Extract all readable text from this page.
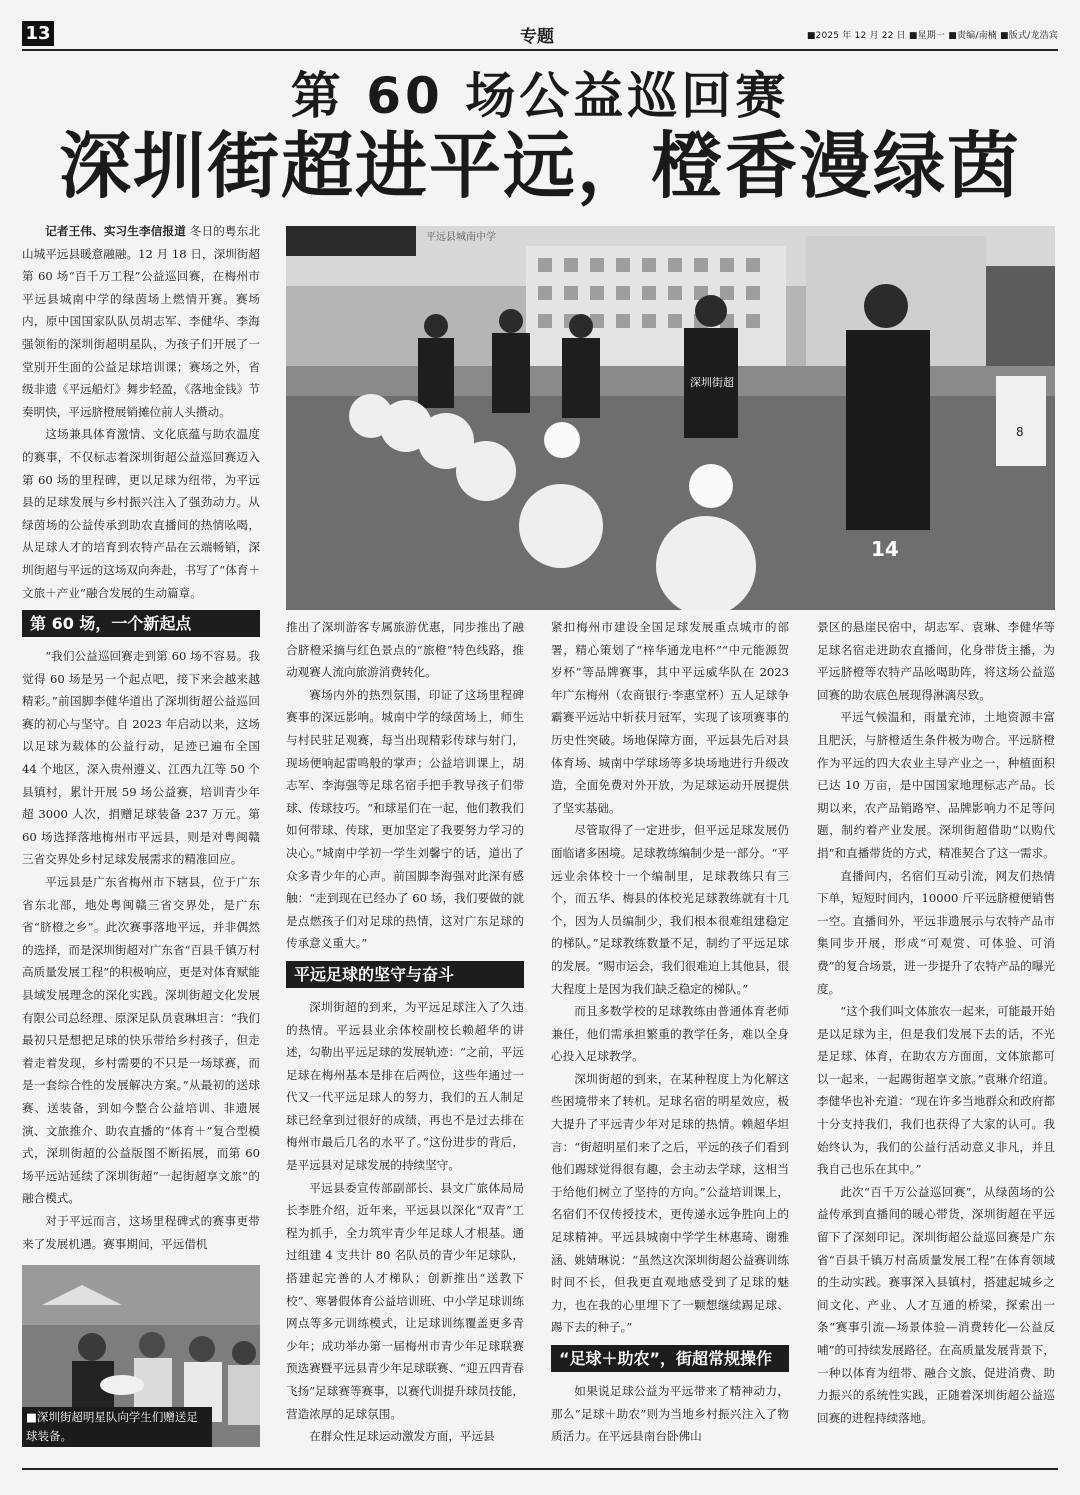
13	专题	■2025 年 12 月 22 日 ■星期一 ■责编/南楠 ■版式/龙浩宾
第 60 场公益巡回赛
深圳街超进平远，橙香漫绿茵

记者王伟、实习生李信报道 冬日的粤东北山城平远县暖意融融。12 月 18 日，深圳街超第 60 场“百千万工程”公益巡回赛，在梅州市平远县城南中学的绿茵场上燃情开赛。赛场内，原中国国家队队员胡志军、李健华、李海强领衔的深圳街超明星队，为孩子们开展了一堂别开生面的公益足球培训课；赛场之外，省级非遗《平远船灯》舞步轻盈，《落地金钱》节奏明快，平远脐橙展销摊位前人头攒动。

这场兼具体育激情、文化底蕴与助农温度的赛事，不仅标志着深圳街超公益巡回赛迈入第 60 场的里程碑，更以足球为纽带，为平远县的足球发展与乡村振兴注入了强劲动力。从绿茵场的公益传承到助农直播间的热情吆喝，从足球人才的培育到农特产品在云端畅销，深圳街超与平远的这场双向奔赴，书写了“体育＋文旅＋产业”融合发展的生动篇章。

第 60 场，一个新起点

“我们公益巡回赛走到第 60 场不容易。我觉得 60 场是另一个起点吧，接下来会越来越精彩。”前国脚李健华道出了深圳街超公益巡回赛的初心与坚守。自 2023 年启动以来，这场以足球为载体的公益行动，足迹已遍布全国 44 个地区，深入贵州遵义、江西九江等 50 个县镇村，累计开展 59 场公益赛，培训青少年超 3000 人次，捐赠足球装备 237 万元。第 60 场选择落地梅州市平远县，则是对粤闽赣三省交界处乡村足球发展需求的精准回应。

平远县是广东省梅州市下辖县，位于广东省东北部，地处粤闽赣三省交界处，是广东省“脐橙之乡”。此次赛事落地平远，并非偶然的选择，而是深圳街超对广东省“百县千镇万村高质量发展工程”的积极响应，更是对体育赋能县域发展理念的深化实践。深圳街超文化发展有限公司总经理、原深足队员袁琳坦言：“我们最初只是想把足球的快乐带给乡村孩子，但走着走着发现，乡村需要的不只是一场球赛，而是一套综合性的发展解决方案。”从最初的送球赛、送装备，到如今整合公益培训、非遗展演、文旅推介、助农直播的“体育＋”复合型模式，深圳街超的公益版图不断拓展，而第 60 场平远站延续了深圳街超“一起街超享文旅”的融合模式。

对于平远而言，这场里程碑式的赛事更带来了发展机遇。赛事期间，平远借机

■深圳街超明星队向学生们赠送足球装备。
平远县城南中学
深圳街超
14
8

推出了深圳游客专属旅游优惠，同步推出了融合脐橙采摘与红色景点的“旅橙”特色线路，推动观赛人流向旅游消费转化。

赛场内外的热烈氛围，印证了这场里程碑赛事的深远影响。城南中学的绿茵场上，师生与村民驻足观赛，每当出现精彩传球与射门，现场便响起雷鸣般的掌声；公益培训课上，胡志军、李海强等足球名宿手把手教导孩子们带球、传球技巧。“和球星们在一起，他们教我们如何带球、传球，更加坚定了我要努力学习的决心。”城南中学初一学生刘馨宁的话，道出了众多青少年的心声。前国脚李海强对此深有感触：“走到现在已经办了 60 场，我们要做的就是点燃孩子们对足球的热情，这对广东足球的传承意义重大。”

平远足球的坚守与奋斗

深圳街超的到来，为平远足球注入了久违的热情。平远县业余体校副校长赖超华的讲述，勾勒出平远足球的发展轨迹：“之前，平远足球在梅州基本是排在后两位，这些年通过一代又一代平远足球人的努力，我们的五人制足球已经拿到过很好的成绩，再也不是过去排在梅州市最后几名的水平了。”这份进步的背后，是平远县对足球发展的持续坚守。

平远县委宣传部副部长、县文广旅体局局长李胜介绍，近年来，平远县以深化“双青”工程为抓手，全力筑牢青少年足球人才根基。通过组建 4 支共计 80 名队员的青少年足球队，搭建起完善的人才梯队；创新推出“送教下校”、寒暑假体育公益培训班、中小学足球训练网点等多元训练模式，让足球训练覆盖更多青少年；成功举办第一届梅州市青少年足球联赛预选赛暨平远县青少年足球联赛、“迎五四青春飞扬”足球赛等赛事，以赛代训提升球员技能，营造浓厚的足球氛围。

在群众性足球运动激发方面，平远县

紧扣梅州市建设全国足球发展重点城市的部署，精心策划了“梓华通龙电杯”“中元能源贺岁杯”等品牌赛事，其中平远威华队在 2023 年广东梅州（农商银行·李惠堂杯）五人足球争霸赛平远站中斩获月冠军，实现了该项赛事的历史性突破。场地保障方面，平远县先后对县体育场、城南中学球场等多块场地进行升级改造，全面免费对外开放，为足球运动开展提供了坚实基础。

尽管取得了一定进步，但平远足球发展仍面临诸多困境。足球教练编制少是一部分。“平远业余体校十一个编制里，足球教练只有三个，而五华、梅县的体校光足球教练就有十几个，因为人员编制少，我们根本很难组建稳定的梯队。”足球教练数量不足，制约了平远足球的发展。“赐市运会，我们很难迫上其他县，很大程度上是因为我们缺乏稳定的梯队。”

而且多数学校的足球教练由普通体育老师兼任，他们需承担繁重的教学任务，难以全身心投入足球教学。

深圳街超的到来，在某种程度上为化解这些困境带来了转机。足球名宿的明星效应，极大提升了平远青少年对足球的热情。赖超华坦言：“街超明星们来了之后，平远的孩子们看到他们踢球觉得很有趣，会主动去学球，这相当于给他们树立了坚持的方向。”公益培训课上，名宿们不仅传授技术，更传递永远争胜向上的足球精神。平远县城南中学学生林惠琦、谢雅涵、姚婧琳说：“虽然这次深圳街超公益赛训练时间不长，但我更直观地感受到了足球的魅力，也在我的心里埋下了一颗想继续踢足球、踢下去的种子。”

“足球＋助农”，街超常规操作

如果说足球公益为平远带来了精神动力，那么“足球＋助农”则为当地乡村振兴注入了物质活力。在平远县南台卧佛山

景区的悬崖民宿中，胡志军、袁琳、李健华等足球名宿走进助农直播间，化身带货主播，为平远脐橙等农特产品吆喝助阵，将这场公益巡回赛的助农底色展现得淋漓尽致。

平远气候温和，雨量充沛，土地资源丰富且肥沃，与脐橙适生条件极为吻合。平远脐橙作为平远的四大农业主导产业之一，种植面积已达 10 万亩，是中国国家地理标志产品。长期以来，农产品销路窄、品牌影响力不足等问题，制约着产业发展。深圳街超借助“以购代捐”和直播带货的方式，精准契合了这一需求。

直播间内，名宿们互动引流，网友们热情下单，短短时间内，10000 斤平远脐橙便销售一空。直播间外，平远非遗展示与农特产品市集同步开展，形成“可观赏、可体验、可消费”的复合场景，进一步提升了农特产品的曝光度。

“这个我们叫文体旅农一起来，可能最开始是以足球为主，但是我们发展下去的话，不光是足球、体育，在助农方方面面，文体旅都可以一起来，一起踢街超享文旅。”袁琳介绍道。李健华也补充道：“现在许多当地群众和政府都十分支持我们，我们也获得了大家的认可。我始终认为，我们的公益行活动意义非凡，并且我自己也乐在其中。”

此次“百千万公益巡回赛”，从绿茵场的公益传承到直播间的暖心带货，深圳街超在平远留下了深刻印记。深圳街超公益巡回赛是广东省“百县千镇万村高质量发展工程”在体育领域的生动实践。赛事深入县镇村，搭建起城乡之间文化、产业、人才互通的桥梁，探索出一条“赛事引流—场景体验—消费转化—公益反哺”的可持续发展路径。在高质量发展背景下，一种以体育为纽带、融合文旅、促进消费、助力振兴的系统性实践，正随着深圳街超公益巡回赛的进程持续落地。
